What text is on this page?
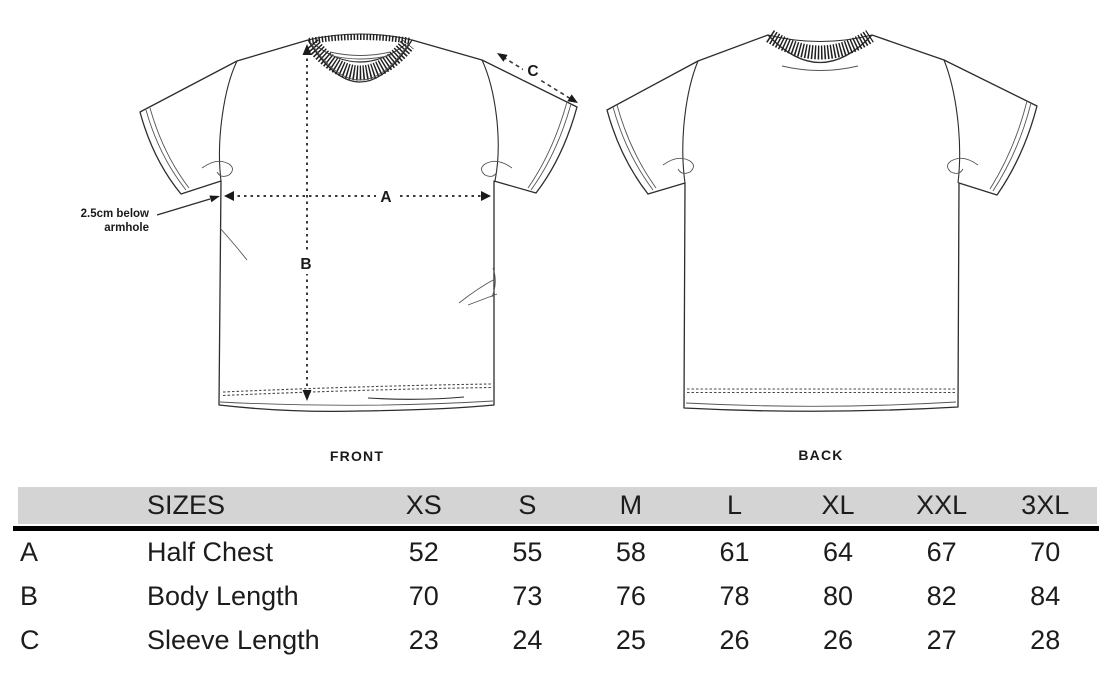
A
B
C
2.5cm below
armhole
FRONT	BACK
SIZES	XS	S	M	L	XL	XXL	3XL
A	Half Chest	52	55	58	61	64	67	70
B	Body Length	70	73	76	78	80	82	84
C	Sleeve Length	23	24	25	26	26	27	28
